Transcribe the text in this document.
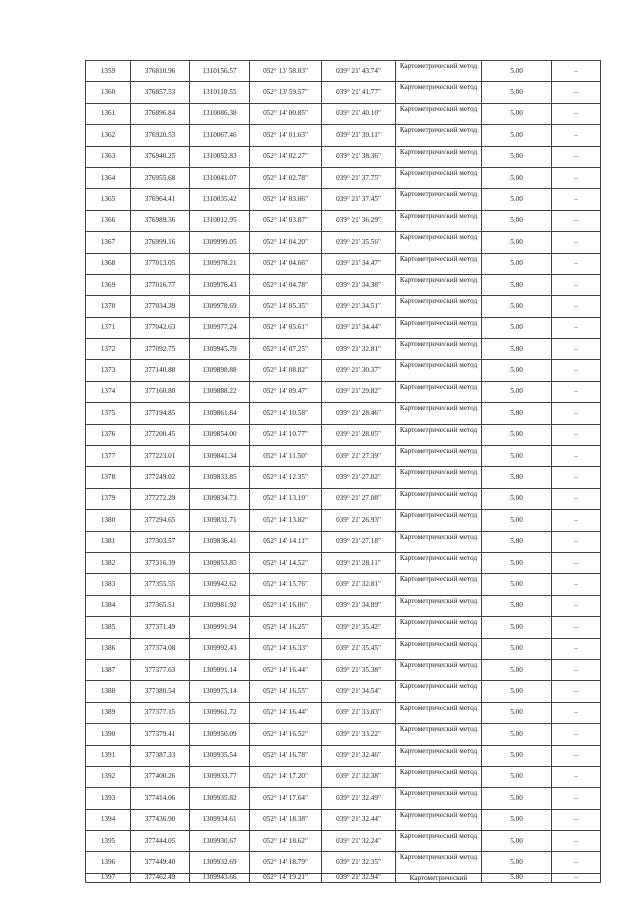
1359	376810.96	1310156.57	052° 13' 58.03"	039° 21' 43.74"	Картометрический метод	5.00	–
1360	376857.53	1310118.55	052° 13' 59.57"	039° 21' 41.77"	Картометрический метод	5.00	–
1361	376896.84	1310086.38	052° 14' 00.85"	039° 21' 40.10"	Картометрический метод	5.00	–
1362	376920.53	1310067.46	052° 14' 01.63"	039° 21' 39.11"	Картометрический метод	5.00	–
1363	376940.25	1310052.83	052° 14' 02.27"	039° 21' 38.36"	Картометрический метод	5.00	–
1364	376955.68	1310041.07	052° 14' 02.78"	039° 21' 37.75"	Картометрический метод	5.00	–
1365	376964.41	1310035.42	052° 14' 03.06"	039° 21' 37.45"	Картометрический метод	5.00	–
1366	376989.36	1310012.95	052° 14' 03.87"	039° 21' 36.29"	Картометрический метод	5.00	–
1367	376999.16	1309999.05	052° 14' 04.20"	039° 21' 35.56"	Картометрический метод	5.00	–
1368	377013.05	1309978.21	052° 14' 04.66"	039° 21' 34.47"	Картометрический метод	5.00	–
1369	377016.77	1309976.43	052° 14' 04.78"	039° 21' 34.38"	Картометрический метод	5.00	–
1370	377034.39	1309978.69	052° 14' 05.35"	039° 21' 34.51"	Картометрический метод	5.00	–
1371	377042.63	1309977.24	052° 14' 05.61"	039° 21' 34.44"	Картометрический метод	5.00	–
1372	377092.75	1309945.79	052° 14' 07.25"	039° 21' 32.81"	Картометрический метод	5.00	–
1373	377140.88	1309898.88	052° 14' 08.82"	039° 21' 30.37"	Картометрический метод	5.00	–
1374	377160.80	1309888.22	052° 14' 09.47"	039° 21' 29.82"	Картометрический метод	5.00	–
1375	377194.85	1309861.84	052° 14' 10.58"	039° 21' 28.46"	Картометрический метод	5.00	–
1376	377200.45	1309854.00	052° 14' 10.77"	039° 21' 28.05"	Картометрический метод	5.00	–
1377	377223.01	1309841.34	052° 14' 11.50"	039° 21' 27.39"	Картометрический метод	5.00	–
1378	377249.02	1309833.85	052° 14' 12.35"	039° 21' 27.02"	Картометрический метод	5.00	–
1379	377272.29	1309834.73	052° 14' 13.10"	039° 21' 27.08"	Картометрический метод	5.00	–
1380	377294.65	1309831.71	052° 14' 13.82"	039° 21' 26.93"	Картометрический метод	5.00	–
1381	377303.57	1309836.41	052° 14' 14.11"	039° 21' 27.18"	Картометрический метод	5.00	–
1382	377316.39	1309853.85	052° 14' 14.52"	039° 21' 28.11"	Картометрический метод	5.00	–
1383	377355.55	1309942.62	052° 14' 15.76"	039° 21' 32.81"	Картометрический метод	5.00	–
1384	377365.51	1309981.92	052° 14' 16.06"	039° 21' 34.89"	Картометрический метод	5.00	–
1385	377371.49	1309991.94	052° 14' 16.25"	039° 21' 35.42"	Картометрический метод	5.00	–
1386	377374.08	1309992.43	052° 14' 16.33"	039° 21' 35.45"	Картометрический метод	5.00	–
1387	377377.63	1309991.14	052° 14' 16.44"	039° 21' 35.38"	Картометрический метод	5.00	–
1388	377380.54	1309975.14	052° 14' 16.55"	039° 21' 34.54"	Картометрический метод	5.00	–
1389	377377.15	1309961.72	052° 14' 16.44"	039° 21' 33.83"	Картометрический метод	5.00	–
1390	377379.41	1309950.09	052° 14' 16.52"	039° 21' 33.22"	Картометрический метод	5.00	–
1391	377387.33	1309935.54	052° 14' 16.78"	039° 21' 32.46"	Картометрический метод	5.00	–
1392	377400.26	1309933.77	052° 14' 17.20"	039° 21' 32.38"	Картометрический метод	5.00	–
1393	377414.06	1309935.82	052° 14' 17.64"	039° 21' 32.49"	Картометрический метод	5.00	–
1394	377436.90	1309934.61	052° 14' 18.38"	039° 21' 32.44"	Картометрический метод	5.00	–
1395	377444.05	1309930.67	052° 14' 18.62"	039° 21' 32.24"	Картометрический метод	5.00	–
1396	377449.40	1309932.69	052° 14' 18.79"	039° 21' 32.35"	Картометрический метод	5.00	–
1397	377462.49	1309943.66	052° 14' 19.21"	039° 21' 32.94"	Картометрический	5.00	–
